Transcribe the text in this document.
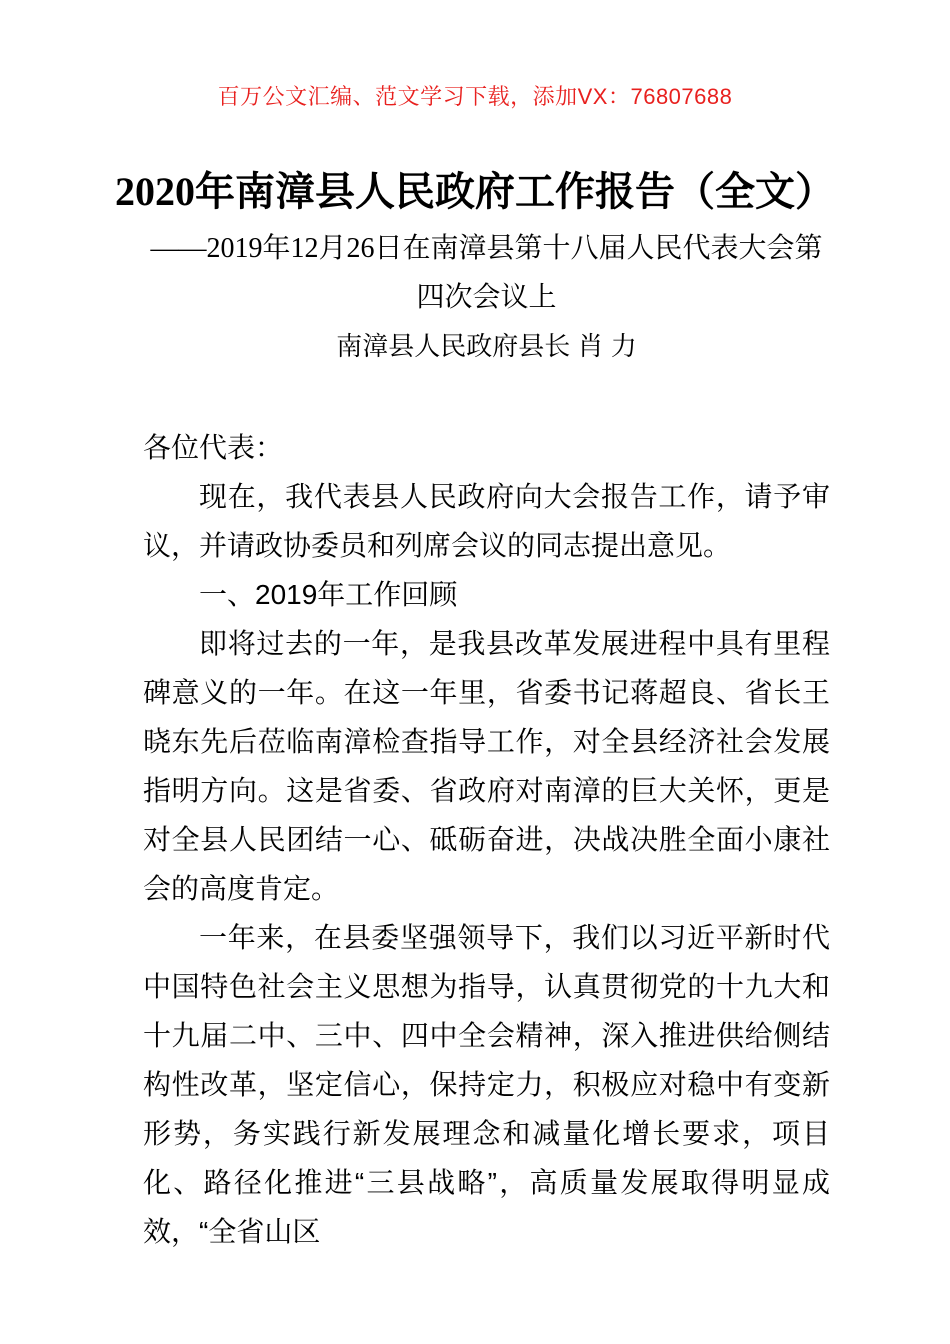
百万公文汇编、范文学习下载，添加VX：76807688
2020年南漳县人民政府工作报告（全文）
——2019年12月26日在南漳县第十八届人民代表大会第四次会议上
南漳县人民政府县长 肖 力

各位代表：

现在，我代表县人民政府向大会报告工作，请予审议，并请政协委员和列席会议的同志提出意见。

一、2019年工作回顾

即将过去的一年，是我县改革发展进程中具有里程碑意义的一年。在这一年里，省委书记蒋超良、省长王晓东先后莅临南漳检查指导工作，对全县经济社会发展指明方向。这是省委、省政府对南漳的巨大关怀，更是对全县人民团结一心、砥砺奋进，决战决胜全面小康社会的高度肯定。

一年来，在县委坚强领导下，我们以习近平新时代中国特色社会主义思想为指导，认真贯彻党的十九大和十九届二中、三中、四中全会精神，深入推进供给侧结构性改革，坚定信心，保持定力，积极应对稳中有变新形势，务实践行新发展理念和减量化增长要求，项目化、路径化推进“三县战略”，高质量发展取得明显成效，“全省山区
